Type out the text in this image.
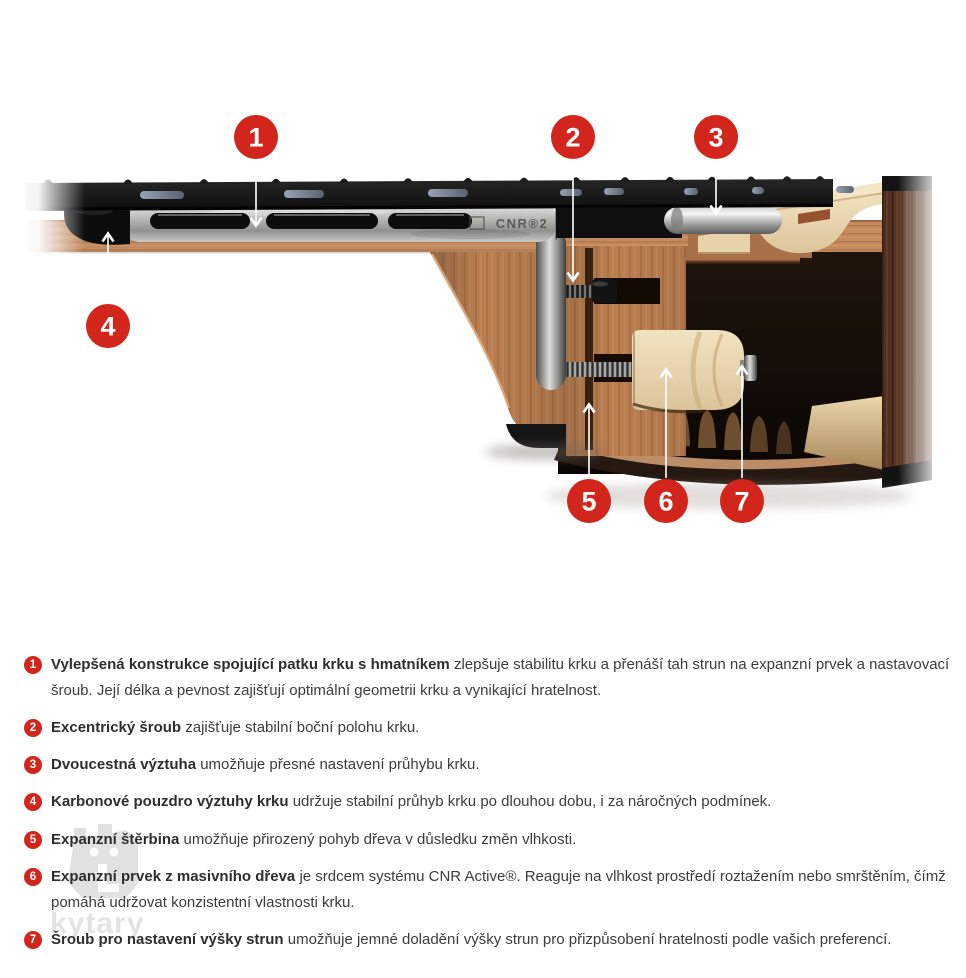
CNR®2
1	2	3
4
5 6 7
kytary
1 Vylepšená konstrukce spojující patku krku s hmatníkem zlepšuje stabilitu krku a přenáší tah strun na expanzní prvek a nastavovací šroub. Její délka a pevnost zajišťují optimální geometrii krku a vynikající hratelnost.

2 Excentrický šroub zajišťuje stabilní boční polohu krku.

3 Dvoucestná výztuha umožňuje přesné nastavení průhybu krku.

4 Karbonové pouzdro výztuhy krku udržuje stabilní průhyb krku po dlouhou dobu, i za náročných podmínek.

5 Expanzní štěrbina umožňuje přirozený pohyb dřeva v důsledku změn vlhkosti.

6 Expanzní prvek z masivního dřeva je srdcem systému CNR Active®. Reaguje na vlhkost prostředí roztažením nebo smrštěním, čímž pomáhá udržovat konzistentní vlastnosti krku.

7 Šroub pro nastavení výšky strun umožňuje jemné doladění výšky strun pro přizpůsobení hratelnosti podle vašich preferencí.
